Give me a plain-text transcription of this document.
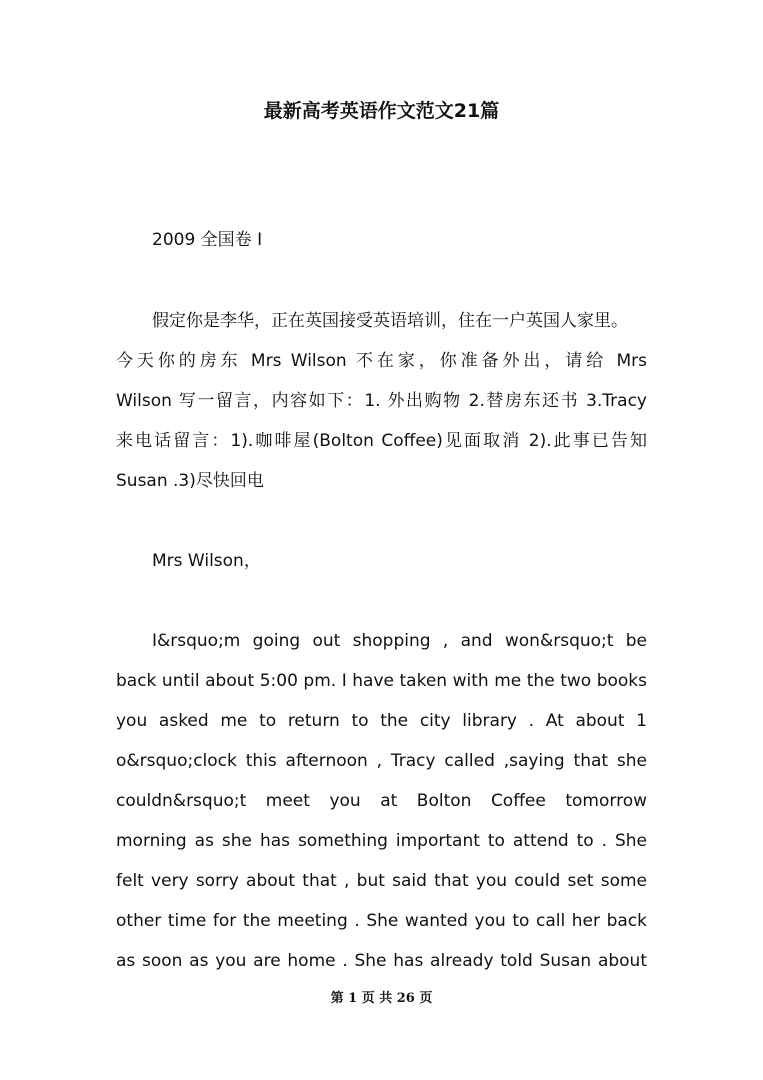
最新高考英语作文范文21篇
2009 全国卷 I
假定你是李华，正在英国接受英语培训，住在一户英国人家里。
今天你的房东 Mrs Wilson 不在家，你准备外出，请给 Mrs
Wilson 写一留言，内容如下：1. 外出购物 2.替房东还书 3.Tracy
来电话留言：1).咖啡屋(Bolton Coffee)见面取消 2).此事已告知
Susan .3)尽快回电
Mrs Wilson，
I&rsquo;m going out shopping , and won&rsquo;t be
back until about 5:00 pm. I have taken with me the two books
you asked me to return to the city library . At about 1
o&rsquo;clock this afternoon , Tracy called ,saying that she
couldn&rsquo;t meet you at Bolton Coffee tomorrow
morning as she has something important to attend to . She
felt very sorry about that , but said that you could set some
other time for the meeting . She wanted you to call her back
as soon as you are home . She has already told Susan about
第 1 页 共 26 页
